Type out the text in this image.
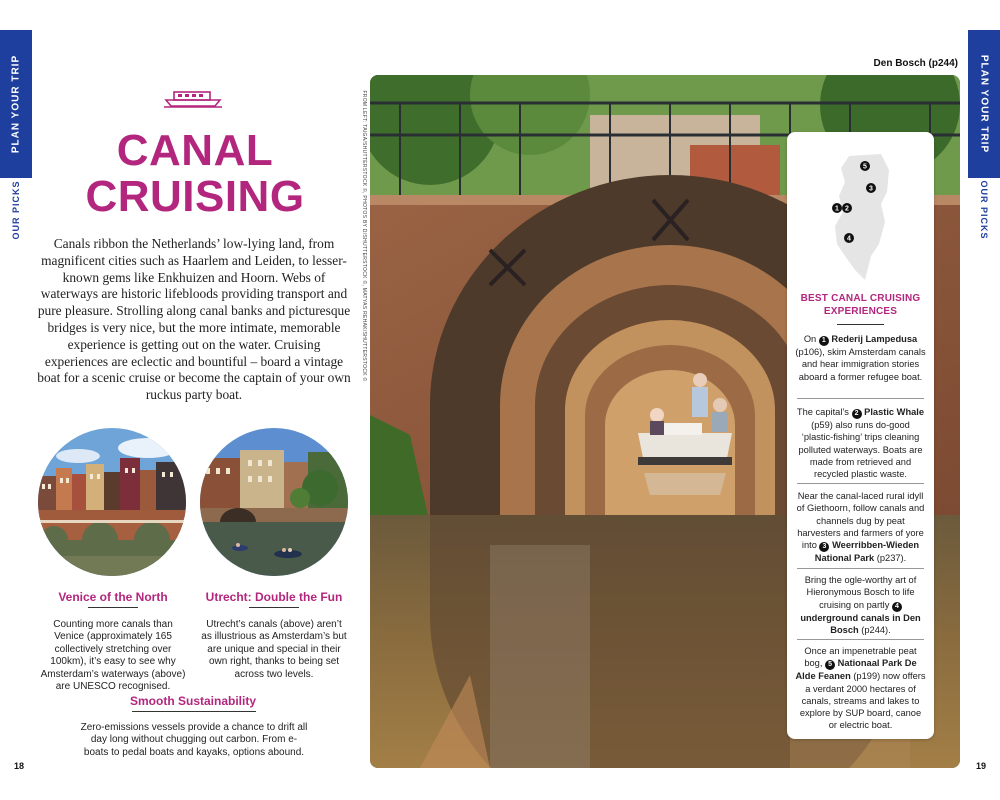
PLAN YOUR TRIP
OUR PICKS
PLAN YOUR TRIP
OUR PICKS
CANAL
CRUISING

Canals ribbon the Netherlands’ low-lying land, from magnificent cities such as Haarlem and Leiden, to lesser-known gems like Enkhuizen and Hoorn. Webs of waterways are historic lifebloods providing transport and pure pleasure. Strolling along canal banks and picturesque bridges is very nice, but the more intimate, memorable experience is getting out on the water. Cruising experiences are eclectic and bountiful – board a vintage boat for a scenic cruise or become the captain of your own ruckus party boat.

Venice of the North

Counting more canals than Venice (approximately 165 collectively stretching over 100km), it’s easy to see why Amsterdam’s waterways (above) are UNESCO recognised.

Utrecht: Double the Fun

Utrecht’s canals (above) aren’t as illustrious as Amsterdam’s but are unique and special in their own right, thanks to being set across two levels.

Smooth Sustainability

Zero-emissions vessels provide a chance to drift all day long without chugging out carbon. From e-boats to pedal boats and kayaks, options abound.

FROM LEFT: TAIGA/SHUTTERSTOCK ©, PHOTOS BY D/SHUTTERSTOCK ©, MATYAS REHAK/SHUTTERSTOCK ©
Den Bosch (p244)
5
3
1 2
4
BEST CANAL CRUISING EXPERIENCES
On 1 Rederij Lampedusa (p106), skim Amsterdam canals and hear immigration stories aboard a former refugee boat.
The capital’s 2 Plastic Whale (p59) also runs do-good ‘plastic-fishing’ trips cleaning polluted waterways. Boats are made from retrieved and recycled plastic waste.
Near the canal-laced rural idyll of Giethoorn, follow canals and channels dug by peat harvesters and farmers of yore into 3 Weerribben-Wieden National Park (p237).
Bring the ogle-worthy art of Hieronymous Bosch to life cruising on partly 4 underground canals in Den Bosch (p244).
Once an impenetrable peat bog, 5 Nationaal Park De Alde Feanen (p199) now offers a verdant 2000 hectares of canals, streams and lakes to explore by SUP board, canoe or electric boat.
18	19
